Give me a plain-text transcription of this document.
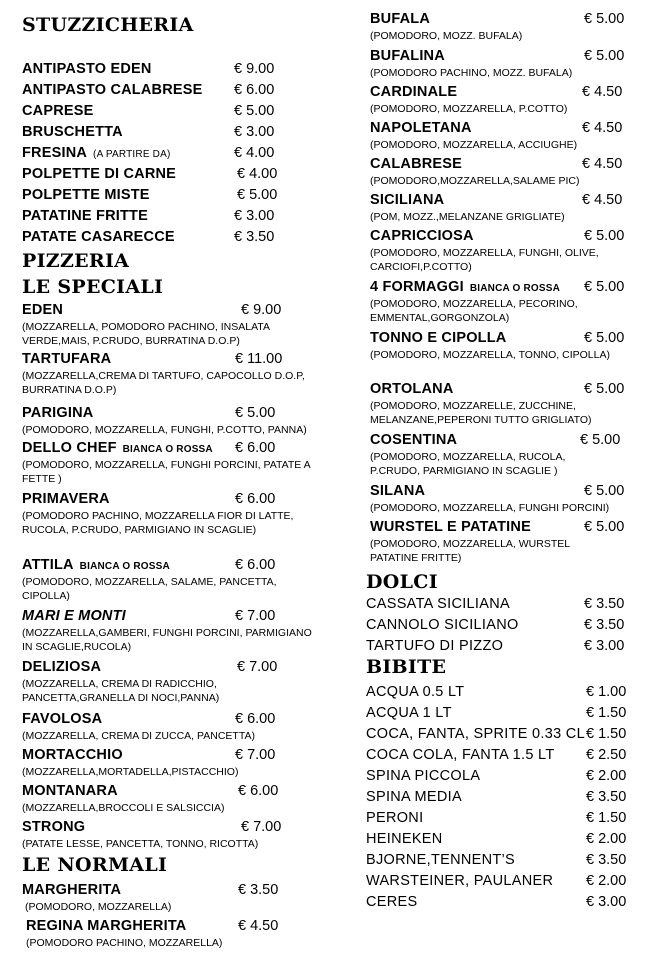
STUZZICHERIA
ANTIPASTO EDEN	€ 9.00
ANTIPASTO CALABRESE € 6.00
CAPRESE	€ 5.00
BRUSCHETTA	€ 3.00
FRESINA (A PARTIRE DA)	€ 4.00
POLPETTE DI CARNE	€ 4.00
POLPETTE MISTE	€ 5.00
PATATINE FRITTE	€ 3.00
PATATE CASARECCE	€ 3.50
PIZZERIA
LE SPECIALI
EDEN	€ 9.00
(MOZZARELLA, POMODORO PACHINO, INSALATA VERDE,MAIS, P.CRUDO, BURRATINA D.O.P)
TARTUFARA	€ 11.00
(MOZZARELLA,CREMA DI TARTUFO, CAPOCOLLO D.O.P, BURRATINA D.O.P)
PARIGINA	€ 5.00
(POMODORO, MOZZARELLA, FUNGHI, P.COTTO, PANNA)
DELLO CHEF BIANCA O ROSSA € 6.00
(POMODORO, MOZZARELLA, FUNGHI PORCINI, PATATE A FETTE )
PRIMAVERA	€ 6.00
(POMODORO PACHINO, MOZZARELLA FIOR DI LATTE, RUCOLA, P.CRUDO, PARMIGIANO IN SCAGLIE)
ATTILA BIANCA O ROSSA	€ 6.00
(POMODORO, MOZZARELLA, SALAME, PANCETTA, CIPOLLA)
MARI E MONTI	€ 7.00
(MOZZARELLA,GAMBERI, FUNGHI PORCINI, PARMIGIANO IN SCAGLIE,RUCOLA)
DELIZIOSA	€ 7.00
(MOZZARELLA, CREMA DI RADICCHIO, PANCETTA,GRANELLA DI NOCI,PANNA)
FAVOLOSA	€ 6.00
(MOZZARELLA, CREMA DI ZUCCA, PANCETTA)
MORTACCHIO	€ 7.00
(MOZZARELLA,MORTADELLA,PISTACCHIO)
MONTANARA	€ 6.00
(MOZZARELLA,BROCCOLI E SALSICCIA)
STRONG	€ 7.00
(PATATE LESSE, PANCETTA, TONNO, RICOTTA)
LE NORMALI
MARGHERITA	€ 3.50
(POMODORO, MOZZARELLA)
REGINA MARGHERITA	€ 4.50
(POMODORO PACHINO, MOZZARELLA)
BUFALA	€ 5.00
(POMODORO, MOZZ. BUFALA)
BUFALINA	€ 5.00
(POMODORO PACHINO, MOZZ. BUFALA)
CARDINALE	€ 4.50
(POMODORO, MOZZARELLA, P.COTTO)
NAPOLETANA	€ 4.50
(POMODORO, MOZZARELLA, ACCIUGHE)
CALABRESE	€ 4.50
(POMODORO,MOZZARELLA,SALAME PIC)
SICILIANA	€ 4.50
(POM, MOZZ.,MELANZANE GRIGLIATE)
CAPRICCIOSA	€ 5.00
(POMODORO, MOZZARELLA, FUNGHI, OLIVE, CARCIOFI,P.COTTO)
4 FORMAGGI BIANCA O ROSSA € 5.00
(POMODORO, MOZZARELLA, PECORINO, EMMENTAL,GORGONZOLA)
TONNO E CIPOLLA	€ 5.00
(POMODORO, MOZZARELLA, TONNO, CIPOLLA)
ORTOLANA	€ 5.00
(POMODORO, MOZZARELLE, ZUCCHINE, MELANZANE,PEPERONI TUTTO GRIGLIATO)
COSENTINA	€ 5.00
(POMODORO, MOZZARELLA, RUCOLA, P.CRUDO, PARMIGIANO IN SCAGLIE )
SILANA	€ 5.00
(POMODORO, MOZZARELLA, FUNGHI PORCINI)
WURSTEL E PATATINE	€ 5.00
(POMODORO, MOZZARELLA, WURSTEL PATATINE FRITTE)
DOLCI
CASSATA SICILIANA	€ 3.50
CANNOLO SICILIANO	€ 3.50
TARTUFO DI PIZZO	€ 3.00
BIBITE
ACQUA 0.5 LT	€ 1.00
ACQUA 1 LT	€ 1.50
COCA, FANTA, SPRITE 0.33 CL € 1.50
COCA COLA, FANTA 1.5 LT € 2.50
SPINA PICCOLA	€ 2.00
SPINA MEDIA	€ 3.50
PERONI	€ 1.50
HEINEKEN	€ 2.00
BJORNE,TENNENT’S	€ 3.50
WARSTEINER, PAULANER € 2.00
CERES	€ 3.00
